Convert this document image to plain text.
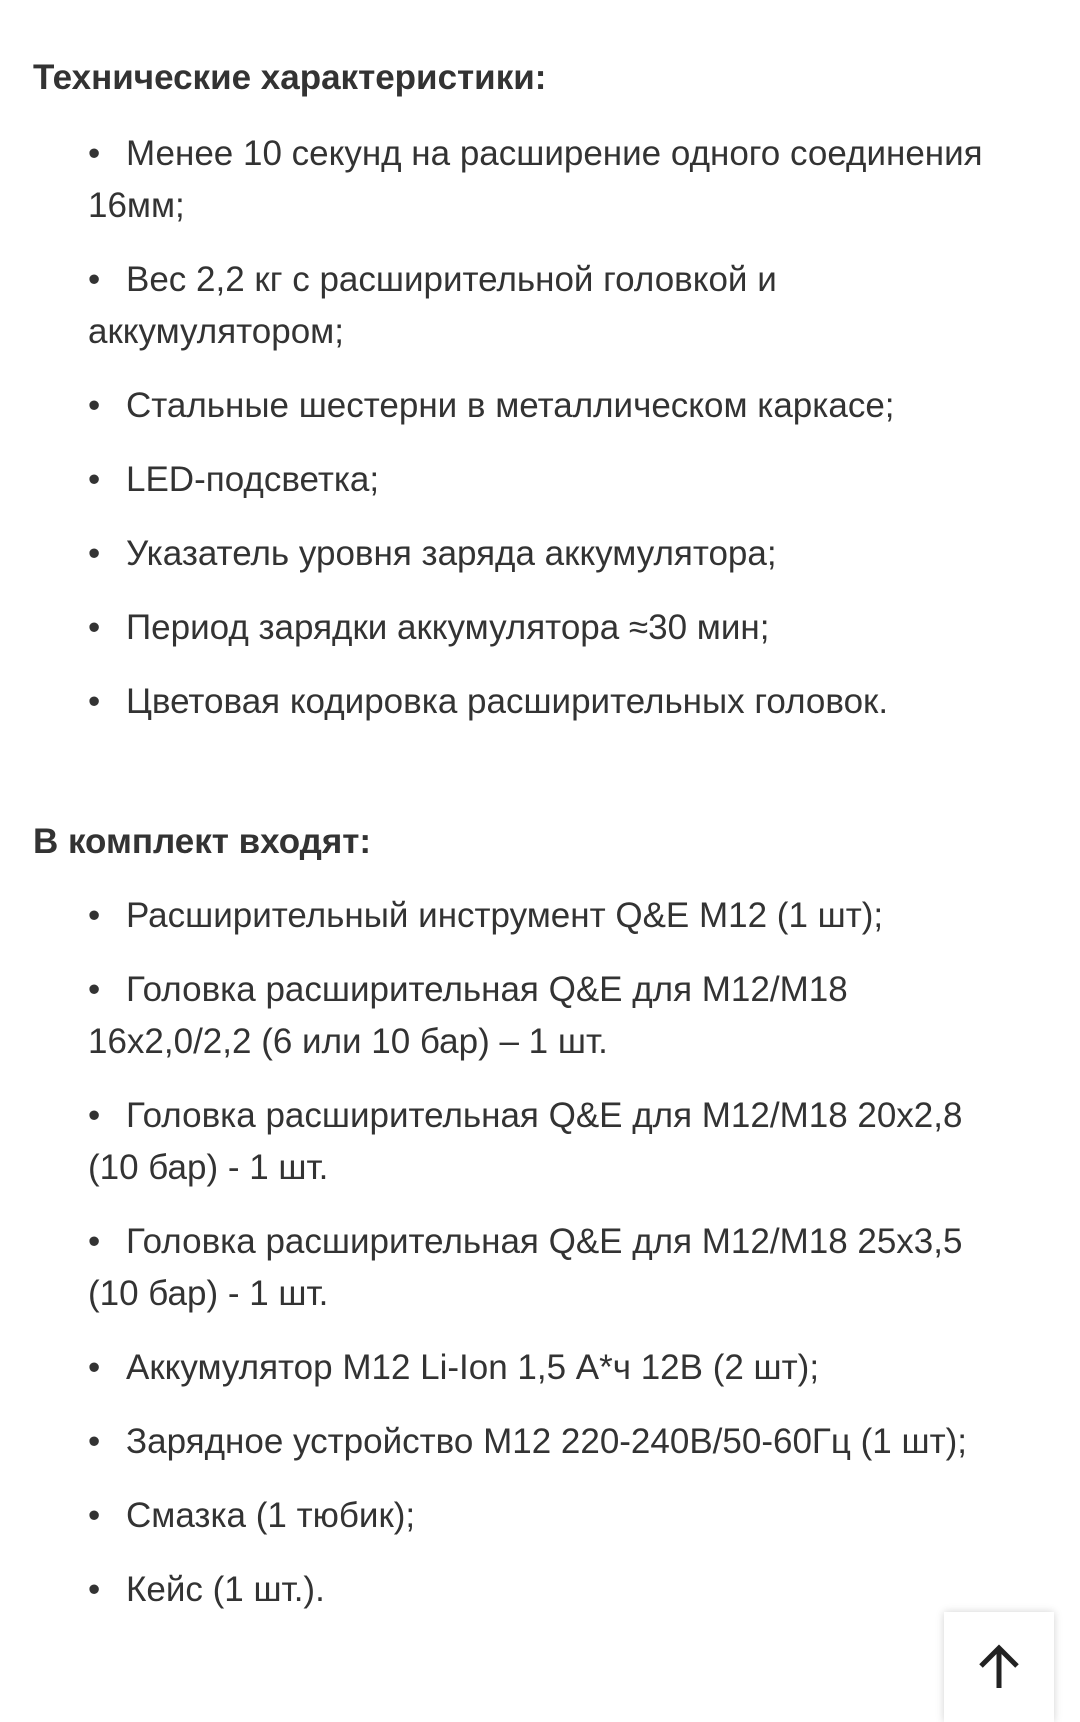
Технические характеристики:
• Менее 10 секунд на расширение одного соединения 16мм;
• Вес 2,2 кг с расширительной головкой и аккумулятором;
• Стальные шестерни в металлическом каркасе;
• LED-подсветка;
• Указатель уровня заряда аккумулятора;
• Период зарядки аккумулятора ≈30 мин;
• Цветовая кодировка расширительных головок.
В комплект входят:
• Расширительный инструмент Q&E M12 (1 шт);
• Головка расширительная Q&E для M12/M18 16х2,0/2,2 (6 или 10 бар) – 1 шт.
• Головка расширительная Q&E для M12/M18 20х2,8 (10 бар) - 1 шт.
• Головка расширительная Q&E для M12/M18 25х3,5 (10 бар) - 1 шт.
• Аккумулятор M12 Li-Ion 1,5 А*ч 12В (2 шт);
• Зарядное устройство M12 220-240В/50-60Гц (1 шт);
• Смазка (1 тюбик);
• Кейс (1 шт.).
